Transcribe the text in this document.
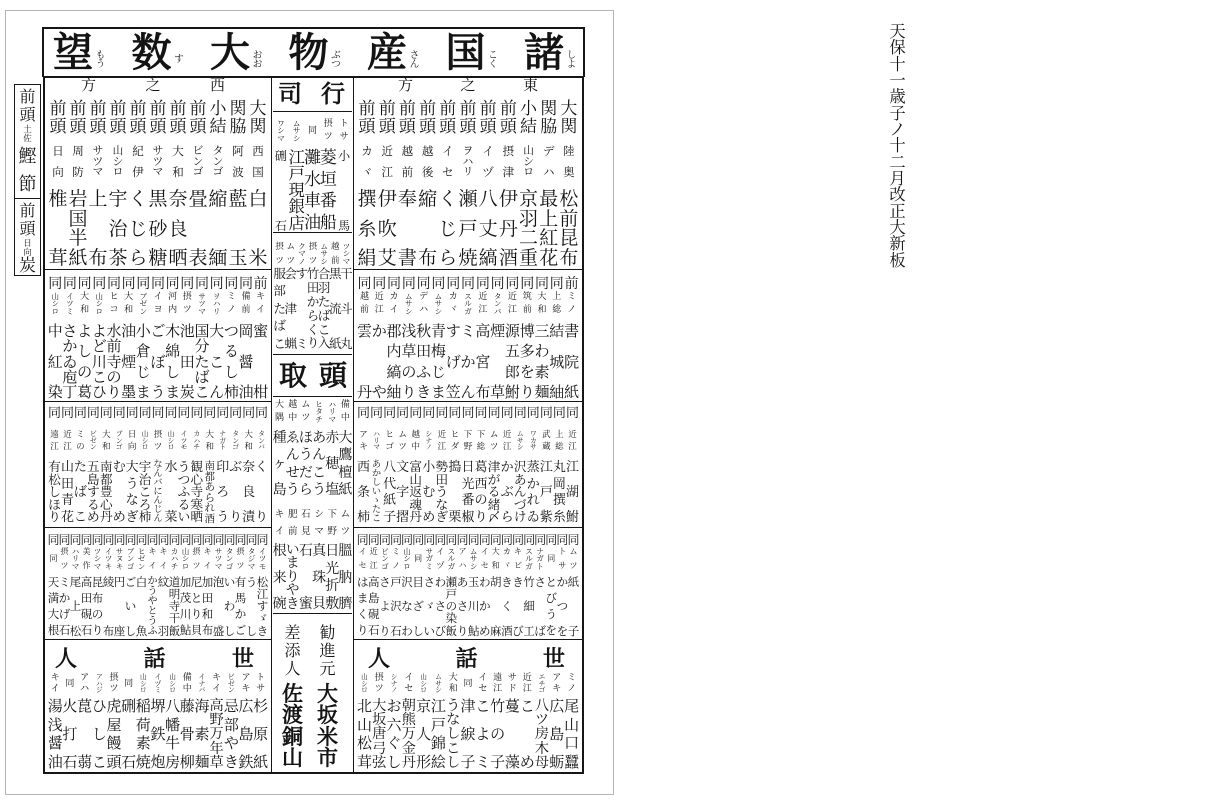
諸 し
よ
国 こ
く
産 さ
ん
物 ぶ
つ
大 お
お
数 す
望 も
う
天
保
十
一
歳
子
ノ
十
二
月
改
正
大
新
板
前
頭
土
佐
鰹
節
前
頭
日
向
炭
西
之
方
大
関
西
国
白
米
関
脇
阿
波
藍
玉
小
結
タ
ン
ゴ
縮
緬
前
頭
ビ
ン
ゴ
畳
表
前
頭
大
和
奈
良
晒
前
頭
サ
ツ
マ
黒
砂
糖
前
頭
紀
伊
く
じ
ら
前
頭
山
シ
ロ
宇
治
茶
前
頭
サ
ツ
マ
上
布
前
頭
周
防
岩
国
半
紙
前
頭
日
向
椎
茸
前
キ
イ
蜜
柑
同
備
前
岡
醤
油
同
ミ
ノ
つ
る
し
柿
同
ヲ
ハ
リ
大
こ
ん
同
サ
ツ
マ
国
分
た
ば
こ
同
摂
ツ
池
田
炭
同
河
内
木
綿
し
ま
同
イ
ヨ
ご
ぼ
う
同
ブ
ゼ
ン
小
倉
じ
ま
同
大
和
油
煙
墨
同
ヒ
コ
水
前
寺
の
り
同
山
シ
ロ
よ
ど
川
こ
ひ
同
大
和
よ
し
の
葛
同
イ
ツ
ミ
さ
か
ゐ
庖
丁
同
山
シ
ロ
中
紅
染
同
タ
ン
バ
く
り
同
大
和
奈
良
漬
同
タ
ン
ゴ
ぶ
り
同
ナ
ガ
ト
印
ろ
う
同
大
和
南
都
あ
ら
れ
酒
同
カ
ハ
チ
観
心
寺
寒
晒
同
イ
ツ
モ
う
つ
ふ
る
い
同
山
シ
ロ
水
菜
同
摂
ツ
な
ん
バ
に
ん
じ
ん
同
山
シ
ロ
宇
治
こ
ろ
柿
同
日
向
大
う
な
ぎ
同
ブ
ン
ゴ
む
め
同
大
和
南
都
豊
心
丹
同
ビ
ゼ
ン
五
島
す
る
め
同
ミ
の
た
ば
こ
同
近
江
山
田
青
花
同
遠
江
有
松
し
ほ
り
同
イ
ツ
モ
松
江
す
ゞ
き
同
タ
ジ
マ
う
し
同
摂
ツ
有
馬
か
ご
同
タ
ン
ゴ
い
わ
し
同
サ
ツ
マ
泡
盛
同
キ
イ
加
田
和
布
同
摂
ツ
尼
と
り
貝
同
山
シ
ロ
加
茂
川
鮎
同
カ
ハ
チ
道
明
寺
干
飯
同
キ
イ
紋
羽
同
キ
イ
か
う
や
と
う
ふ
同
ヒ
ゼ
ン
白
魚
同
ブ
ン
ゴ
ご
い
し
同
サ
ヌ
キ
円
座
同
イ
ツ
キ
綾
布
同
ツ
シ
マ
昆
布
の
り
同
美
作
高
田
硯
石
同
ハ
リ
マ
尾
上
松
同
摂
ツ
ミ
か
げ
石
同
同
天
満
大
根
世
話
人
ト
サ
杉
原
紙
ア
キ
広
島
鉄
ビ
ゼ
ン
忌
部
や
き
キ
イ
高
野
万
年
草
イ
ナ
バ
海
素
麺
備
中
藤
骨
柳
山
シ
ロ
八
幡
牛
房
イ
ヅ
ミ
堺
鉄
炮
山
シ
ロ
稲
荷
素
焼
同
硎
石
摂
ツ
虎
屋
饅
頭
ア
ハ
ジ
ひ
し
こ
ア
ハ
菎
蒻
同
火
打
石
キ
イ
湯
浅
醤
油
東
之
方
大
関
陸
奥
松
前
昆
布
関
脇
デ
ハ
最
上
紅
花
小
結
山
シ
ロ
京
羽
二
重
前
頭
摂
津
伊
丹
酒
前
頭
イ
ヅ
八
丈
縞
前
頭
ヲ
ハ
リ
瀬
戸
焼
前
頭
イ
セ
く
じ
ら
前
頭
越
後
縮
布
前
頭
越
前
奉
書
前
頭
近
江
伊
吹
艾
前
頭
カ
ヾ
撰
糸
絹
前
ミ
ノ
書
院
紙
同
上
総
結
城
紬
同
大
和
三
わ
素
麺
同
筑
前
博
多
を
り
同
近
江
源
五
郎
鮒
同
タ
ン
バ
煙
草
同
近
江
高
宮
布
同
ス
ル
ガ
ミ
か
ん
同
カ
ヾ
す
げ
笠
同
ム
サ
シ
青
梅
じ
ま
同
デ
ハ
秋
田
ふ
き
同
ム
サ
シ
浅
草
の
り
同
カ
イ
郡
内
縞
紬
同
近
江
か
や
同
越
前
雲
丹
同
近
江
江
湖
鮒
同
上
総
丸
岡
撰
糸
同
武
蔵
江
戸
紫
同
ワ
カ
サ
蒸
か
れ
ゐ
同
ム
サ
シ
沢
あ
ん
づ
け
同
近
江
か
ぶ
ら
同
ム
ツ
津
が
る
緒
〆
同
下
総
葛
西
の
り
同
下
野
日
光
番
椒
同
ヒ
ダ
搗
栗
同
近
江
勢
田
う
な
ぎ
同
シ
ナ
ノ
小
む
め
同
越
中
富
山
返
魂
丹
同
ム
ツ
文
字
摺
同
ヒ
ゴ
八
代
紙
子
同
ハ
リ
マ
あ
か
し
い
ゝ
た
こ
同
ア
キ
西
条
柿
同
ム
ツ
紙
子
同
ト
サ
か
つ
を
同
同
と
び
う
を
同
ナ
ガ
ト
さ
ば
同
ス
ル
ガ
竹
細
工
同
キ
ビ
き
び
同
カ
ヾ
き
く
酒
同
大
和
胡
麻
同
イ
セ
わ
か
め
同
ム
サ
シ
玉
川
鮎
同
ア
ハ
あ
さ
り
同
ス
ル
ガ
瀬
戸
の
染
飯
同
イ
ヅ
わ
さ
び
同
サ
ガ
ミ
さ
ゞ
い
同
同
目
ざ
し
同
山
シ
ロ
沢
な
わ
同
ミ
ノ
戸
沢
石
同
ビ
ン
ゴ
さ
よ
り
同
近
江
高
島
硯
石
同
イ
セ
は
ま
く
り
世
話
人
ミ
ノ
尾
山
口
蠶
ア
キ
広
島
蛎
エ
チ
ゴ
八
ツ
房
木
母
近
江
こ
め
サ
ド
蔓
藻
遠
江
竹
の
子
イ
セ
こ
よ
ミ
同
津
綟
子
大
和
う
な
し
こ
し
ム
サ
シ
江
戸
錦
絵
山
シ
ロ
京
人
形
イ
セ
朝
熊
万
金
丹
シ
ナ
ノ
お
六
ぐ
し
摂
ツ
大
坂
唐
弓
弦
山
シ
ロ
北
山
松
茸
行
司
ト
サ
小
馬
摂
ツ
菱
垣
番
船
同
灘
水
車
油
ム
サ
シ
江
戸
現
銀
店
ワ
シ
マ
硎
石
ツ
シ
マ
干
斗
丸
越
前
黒
流
紙
ム
サ
シ
合
羽
た
ば
こ
入
摂
ツ
竹
田
か
ら
く
り
ク
マ
ノ
す
ミ
ム
ツ
会
津
蝋
摂
ツ
服
部
た
ば
こ
頭
取
備
中
大
鷹
檀
紙
ハ
リ
マ
赤
穂
塩
ヒ
タ
チ
あ
ん
こ
う
ム
ツ
ほ
う
だ
ら
越
中
ゑ
ん
せ
う
大
隅
種
ヶ
島
ム
ツ
膃
肭
臍
下
野
日
光
折
敷
シ
マ
真
珠
貝
石
見
石
蜜
肥
前
い
ま
り
や
き
キ
イ
根
来
碗
勧
進
元
大
坂
米
市
差
添
人
佐
渡
銅
山
